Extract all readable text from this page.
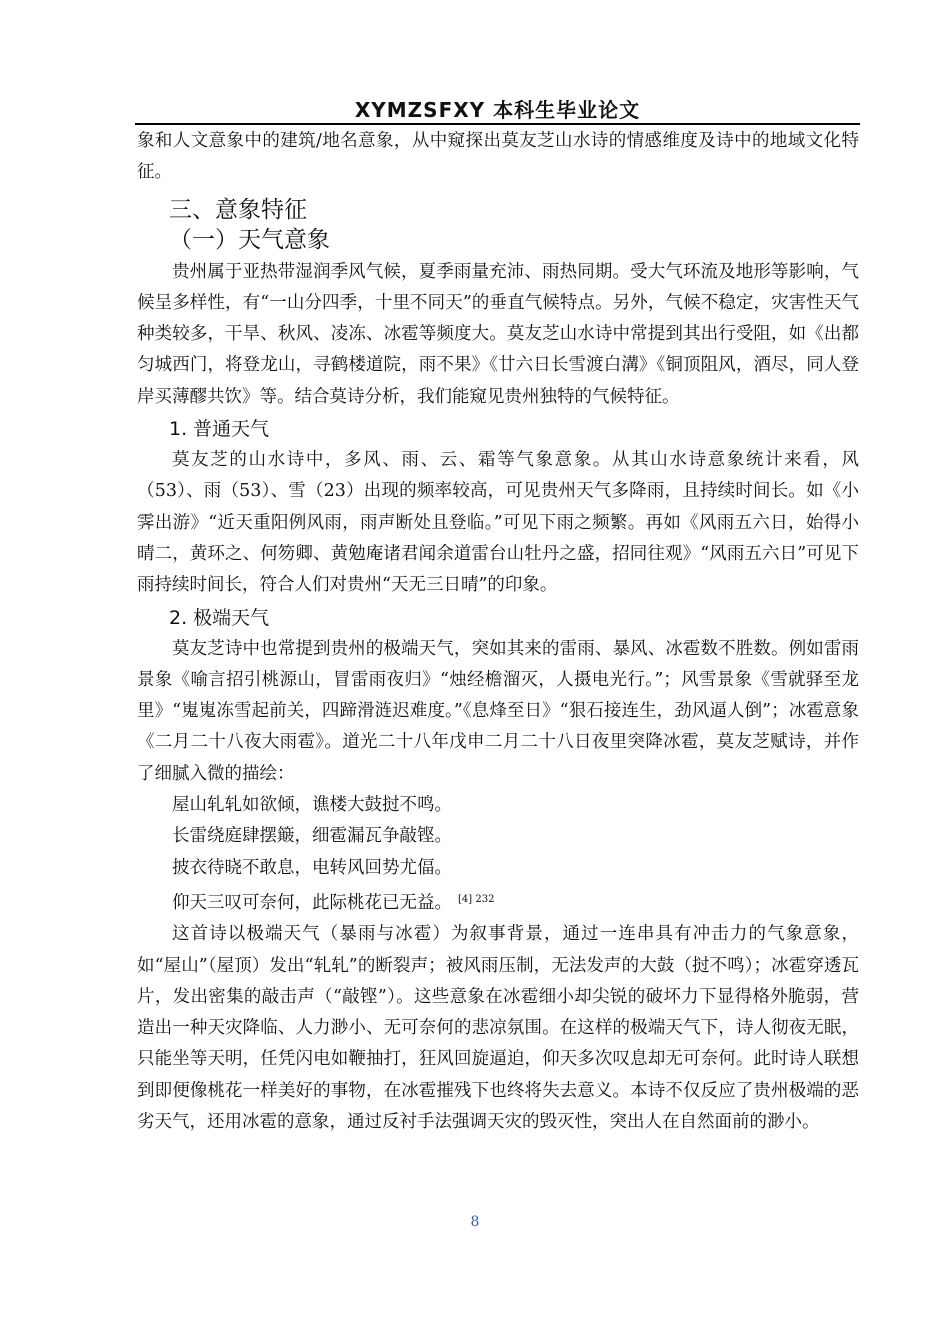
XYMZSFXY 本科生毕业论文

象和人文意象中的建筑/地名意象，从中窥探出莫友芝山水诗的情感维度及诗中的地域文化特征。

三、意象特征
（一）天气意象

贵州属于亚热带湿润季风气候，夏季雨量充沛、雨热同期。受大气环流及地形等影响，气候呈多样性，有“一山分四季，十里不同天”的垂直气候特点。另外，气候不稳定，灾害性天气种类较多，干旱、秋风、凌冻、冰雹等频度大。莫友芝山水诗中常提到其出行受阻，如《出都匀城西门，将登龙山，寻鹤楼道院，雨不果》《廿六日长雪渡白溝》《铜顶阻风，酒尽，同人登岸买薄醪共饮》等。结合莫诗分析，我们能窥见贵州独特的气候特征。

1. 普通天气

莫友芝的山水诗中，多风、雨、云、霜等气象意象。从其山水诗意象统计来看，风（53）、雨（53）、雪（23）出现的频率较高，可见贵州天气多降雨，且持续时间长。如《小霁出游》“近天重阳例风雨，雨声断处且登临。”可见下雨之频繁。再如《风雨五六日，始得小晴二，黄环之、何笏卿、黄勉庵诸君闻余道雷台山牡丹之盛，招同往观》“风雨五六日”可见下雨持续时间长，符合人们对贵州“天无三日晴”的印象。

2. 极端天气

莫友芝诗中也常提到贵州的极端天气，突如其来的雷雨、暴风、冰雹数不胜数。例如雷雨景象《喻言招引桃源山，冒雷雨夜归》“烛经檐溜灭，人摄电光行。”；风雪景象《雪就驿至龙里》“嵬嵬冻雪起前关，四蹄滑涟迟难度。”《息烽至日》“狠石接连生，劲风逼人倒”；冰雹意象《二月二十八夜大雨雹》。道光二十八年戊申二月二十八日夜里突降冰雹，莫友芝赋诗，并作了细腻入微的描绘：

屋山轧轧如欲倾，谯楼大鼓挝不鸣。
长雷绕庭肆摆簸，细雹漏瓦争敲铿。
披衣待晓不敢息，电转风回势尤偪。
仰天三叹可奈何，此际桃花已无益。 $^{[4] 232}$

这首诗以极端天气（暴雨与冰雹）为叙事背景，通过一连串具有冲击力的气象意象，如“屋山”（屋顶）发出“轧轧”的断裂声；被风雨压制，无法发声的大鼓（挝不鸣）；冰雹穿透瓦片，发出密集的敲击声（“敲铿”）。这些意象在冰雹细小却尖锐的破坏力下显得格外脆弱，营造出一种天灾降临、人力渺小、无可奈何的悲凉氛围。在这样的极端天气下，诗人彻夜无眠，只能坐等天明，任凭闪电如鞭抽打，狂风回旋逼迫，仰天多次叹息却无可奈何。此时诗人联想到即便像桃花一样美好的事物，在冰雹摧残下也终将失去意义。本诗不仅反应了贵州极端的恶劣天气，还用冰雹的意象，通过反衬手法强调天灾的毁灭性，突出人在自然面前的渺小。

8
